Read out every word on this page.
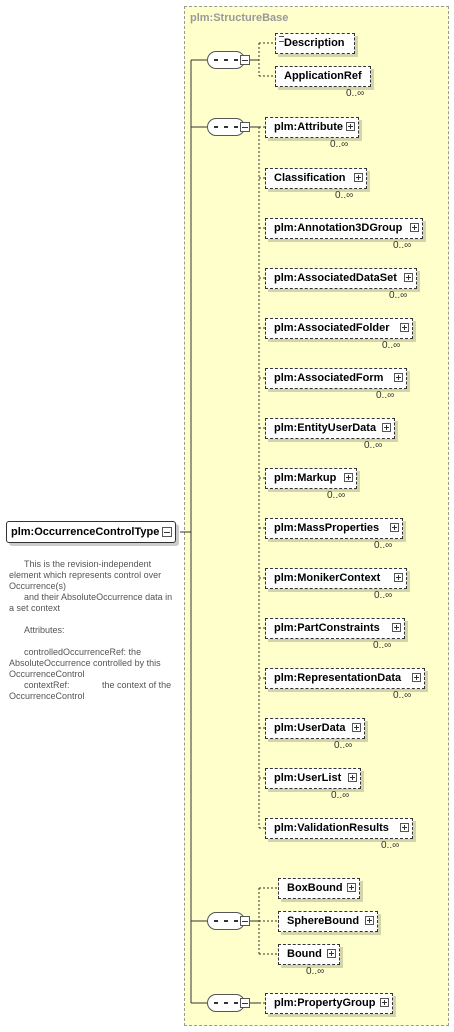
plm:StructureBase
Description
ApplicationRef
0..∞
plm:Attribute
0..∞
Classification
0..∞
plm:Annotation3DGroup
0..∞
plm:AssociatedDataSet
0..∞
plm:AssociatedFolder
0..∞
plm:AssociatedForm
0..∞
plm:EntityUserData
0..∞
plm:Markup
0..∞
plm:MassProperties
0..∞
plm:MonikerContext
0..∞
plm:PartConstraints
0..∞
plm:RepresentationData
0..∞
plm:UserData
0..∞
plm:UserList
0..∞
plm:ValidationResults
0..∞
BoxBound
SphereBound
Bound
0..∞
plm:PropertyGroup
plm:OccurrenceControlType
This is the revision-independent element which represents control over Occurrence(s)
and their AbsoluteOccurrence data in a set context

Attributes:

controlledOccurrenceRef: the AbsoluteOccurrence controlled by this OccurrenceControl
contextRef:             the context of the OccurrenceControl
